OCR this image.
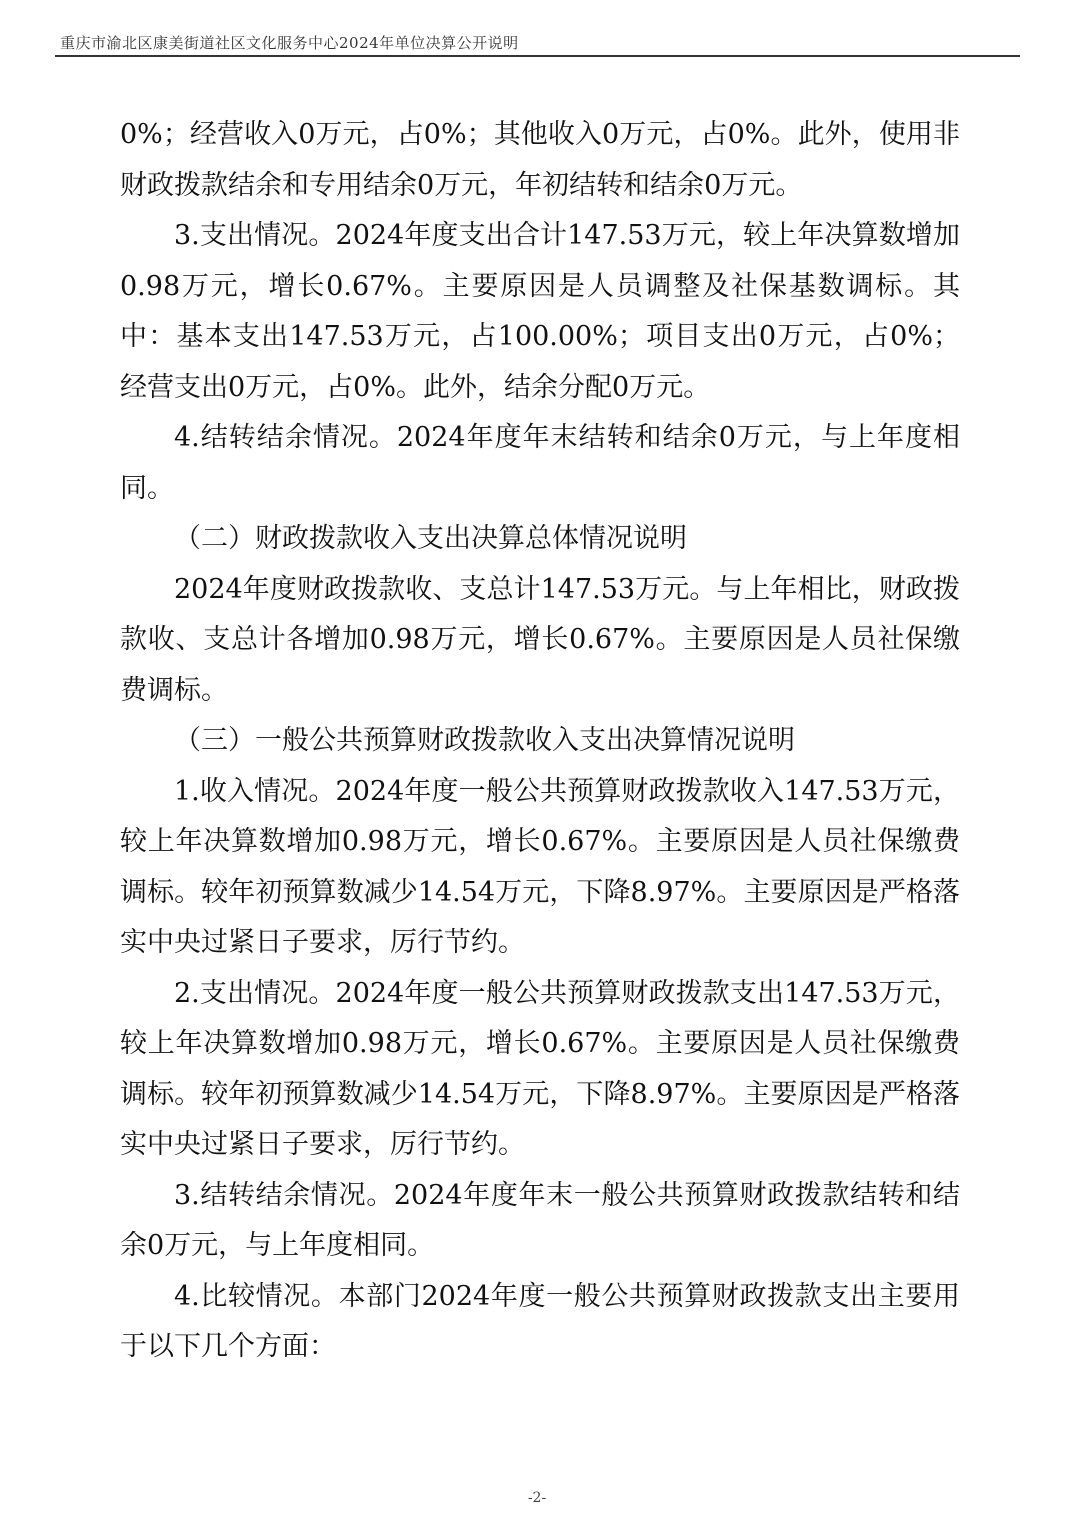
重庆市渝北区康美街道社区文化服务中心2024年单位决算公开说明

0%；经营收入0万元，占0%；其他收入0万元，占0%。此外，使用非财政拨款结余和专用结余0万元，年初结转和结余0万元。

3.支出情况。2024年度支出合计147.53万元，较上年决算数增加0.98万元，增长0.67%。主要原因是人员调整及社保基数调标。其中：基本支出147.53万元，占100.00%；项目支出0万元，占0%；经营支出0万元，占0%。此外，结余分配0万元。

4.结转结余情况。2024年度年末结转和结余0万元，与上年度相同。

（二）财政拨款收入支出决算总体情况说明

2024年度财政拨款收、支总计147.53万元。与上年相比，财政拨款收、支总计各增加0.98万元，增长0.67%。主要原因是人员社保缴费调标。

（三）一般公共预算财政拨款收入支出决算情况说明

1.收入情况。2024年度一般公共预算财政拨款收入147.53万元，较上年决算数增加0.98万元，增长0.67%。主要原因是人员社保缴费调标。较年初预算数减少14.54万元，下降8.97%。主要原因是严格落实中央过紧日子要求，厉行节约。

2.支出情况。2024年度一般公共预算财政拨款支出147.53万元，较上年决算数增加0.98万元，增长0.67%。主要原因是人员社保缴费调标。较年初预算数减少14.54万元，下降8.97%。主要原因是严格落实中央过紧日子要求，厉行节约。

3.结转结余情况。2024年度年末一般公共预算财政拨款结转和结余0万元，与上年度相同。

4.比较情况。本部门2024年度一般公共预算财政拨款支出主要用于以下几个方面：

-2-
